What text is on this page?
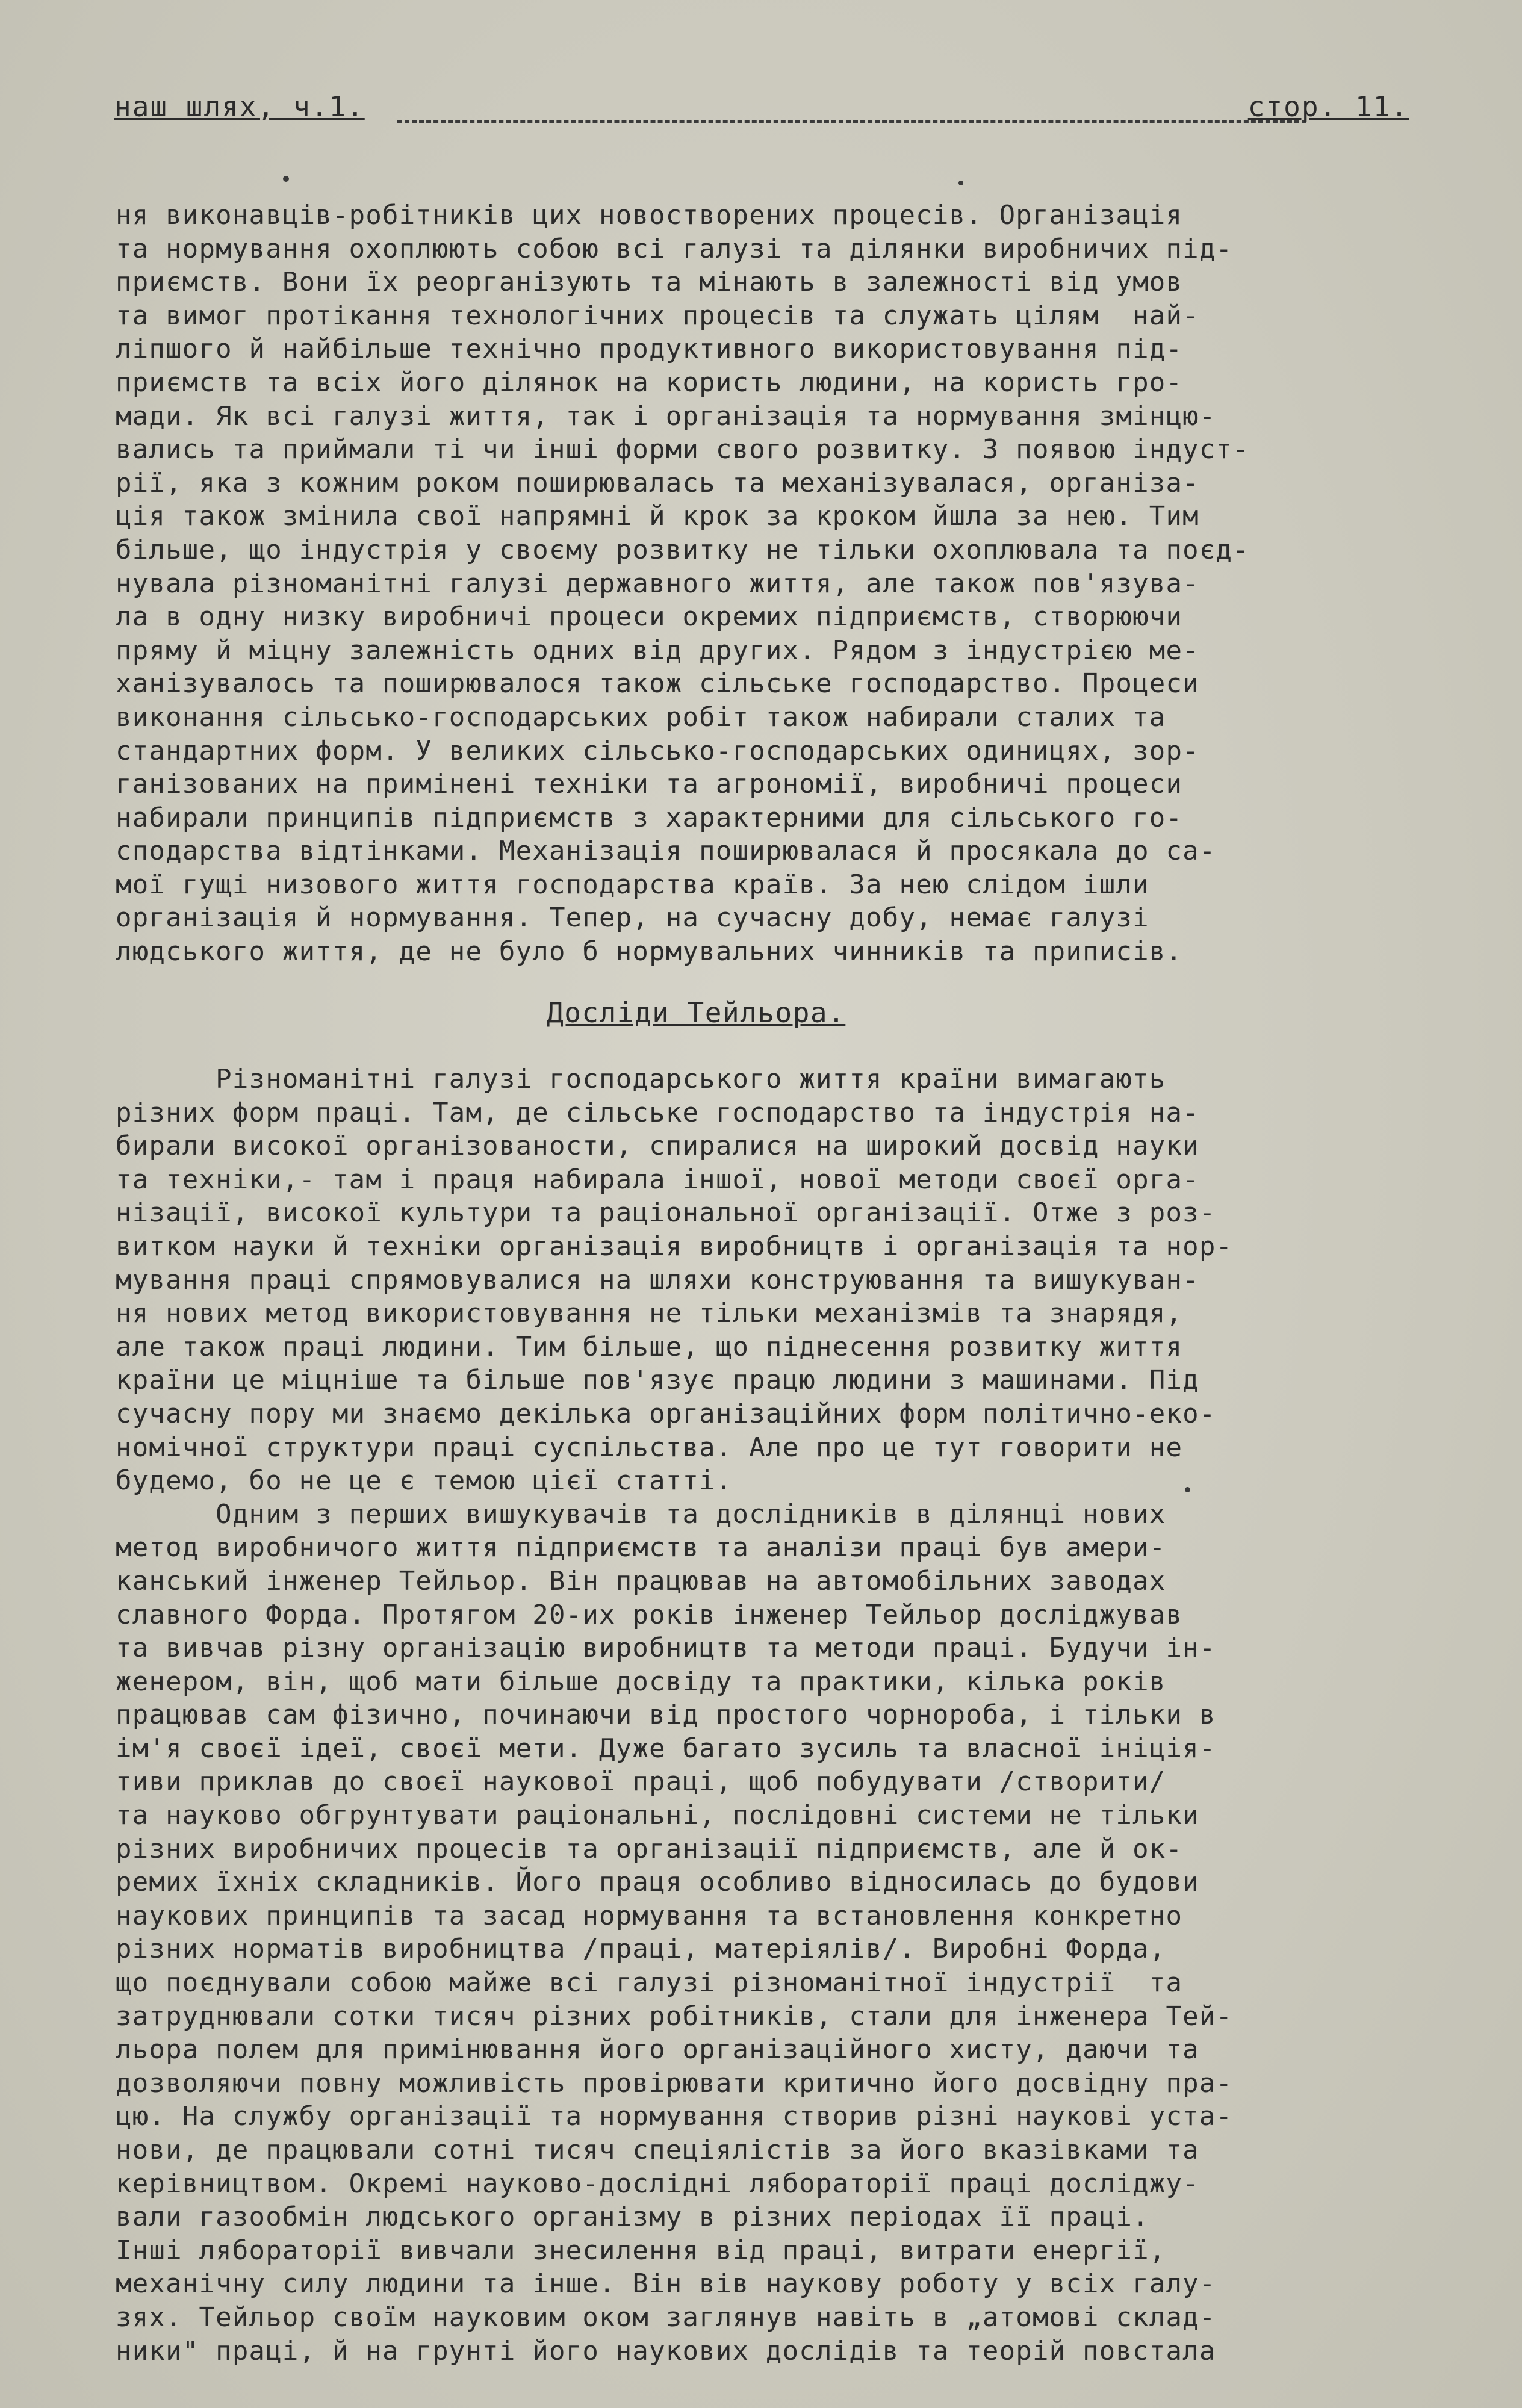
наш шлях, ч.1.	стор. 11.
ня виконавців-робітників цих новостворених процесів. Організація
та нормування охоплюють собою всі галузі та ділянки виробничих під-
приємств. Вони їх реорганізують та мінають в залежності від умов
та вимог протікання технологічних процесів та служать цілям  най-
ліпшого й найбільше технічно продуктивного використовування під-
приємств та всіх його ділянок на користь людини, на користь гро-
мади. Як всі галузі життя, так і організація та нормування змінцю-
вались та приймали ті чи інші форми свого розвитку. З появою індуст-
рії, яка з кожним роком поширювалась та механізувалася, організа-
ція також змінила свої напрямні й крок за кроком йшла за нею. Тим
більше, що індустрія у своєму розвитку не тільки охоплювала та поєд-
нувала різноманітні галузі державного життя, але також пов'язува-
ла в одну низку виробничі процеси окремих підприємств, створюючи
пряму й міцну залежність одних від других. Рядом з індустрією ме-
ханізувалось та поширювалося також сільське господарство. Процеси
виконання сільсько-господарських робіт також набирали сталих та
стандартних форм. У великих сільсько-господарських одиницях, зор-
ганізованих на примінені техніки та агрономії, виробничі процеси
набирали принципів підприємств з характерними для сільського го-
сподарства відтінками. Механізація поширювалася й просякала до са-
мої гущі низового життя господарства країв. За нею слідом ішли
організація й нормування. Тепер, на сучасну добу, немає галузі
людського життя, де не було б нормувальних чинників та приписів.
Досліди Тейльора.
Різноманітні галузі господарського життя країни вимагають
різних форм праці. Там, де сільське господарство та індустрія на-
бирали високої організованости, спиралися на широкий досвід науки
та техніки,- там і праця набирала іншої, нової методи своєї орга-
нізації, високої культури та раціональної організації. Отже з роз-
витком науки й техніки організація виробництв і організація та нор-
мування праці спрямовувалися на шляхи конструювання та вишукуван-
ня нових метод використовування не тільки механізмів та знарядя,
але також праці людини. Тим більше, що піднесення розвитку життя
країни це міцніше та більше пов'язує працю людини з машинами. Під
сучасну пору ми знаємо декілька організаційних форм політично-еко-
номічної структури праці суспільства. Але про це тут говорити не
будемо, бо не це є темою цієї статті.
Одним з перших вишукувачів та дослідників в ділянці нових
метод виробничого життя підприємств та аналізи праці був амери-
канський інженер Тейльор. Він працював на автомобільних заводах
славного Форда. Протягом 20-их років інженер Тейльор досліджував
та вивчав різну організацію виробництв та методи праці. Будучи ін-
женером, він, щоб мати більше досвіду та практики, кілька років
працював сам фізично, починаючи від простого чорнороба, і тільки в
ім'я своєї ідеї, своєї мети. Дуже багато зусиль та власної ініція-
тиви приклав до своєї наукової праці, щоб побудувати /створити/
та науково обгрунтувати раціональні, послідовні системи не тільки
різних виробничих процесів та організації підприємств, але й ок-
ремих їхніх складників. Його праця особливо відносилась до будови
наукових принципів та засад нормування та встановлення конкретно
різних норматів виробництва /праці, матеріялів/. Виробні Форда,
що поєднували собою майже всі галузі різноманітної індустрії  та
затруднювали сотки тисяч різних робітників, стали для інженера Тей-
льора полем для примінювання його організаційного хисту, даючи та
дозволяючи повну можливість провірювати критично його досвідну пра-
цю. На службу організації та нормування створив різні наукові уста-
нови, де працювали сотні тисяч спеціялістів за його вказівками та
керівництвом. Окремі науково-дослідні лябораторії праці досліджу-
вали газообмін людського організму в різних періодах її праці.
Інші лябораторії вивчали знесилення від праці, витрати енергії,
механічну силу людини та інше. Він вів наукову роботу у всіх галу-
зях. Тейльор своїм науковим оком заглянув навіть в „атомові склад-
ники" праці, й на грунті його наукових дослідів та теорій повстала
